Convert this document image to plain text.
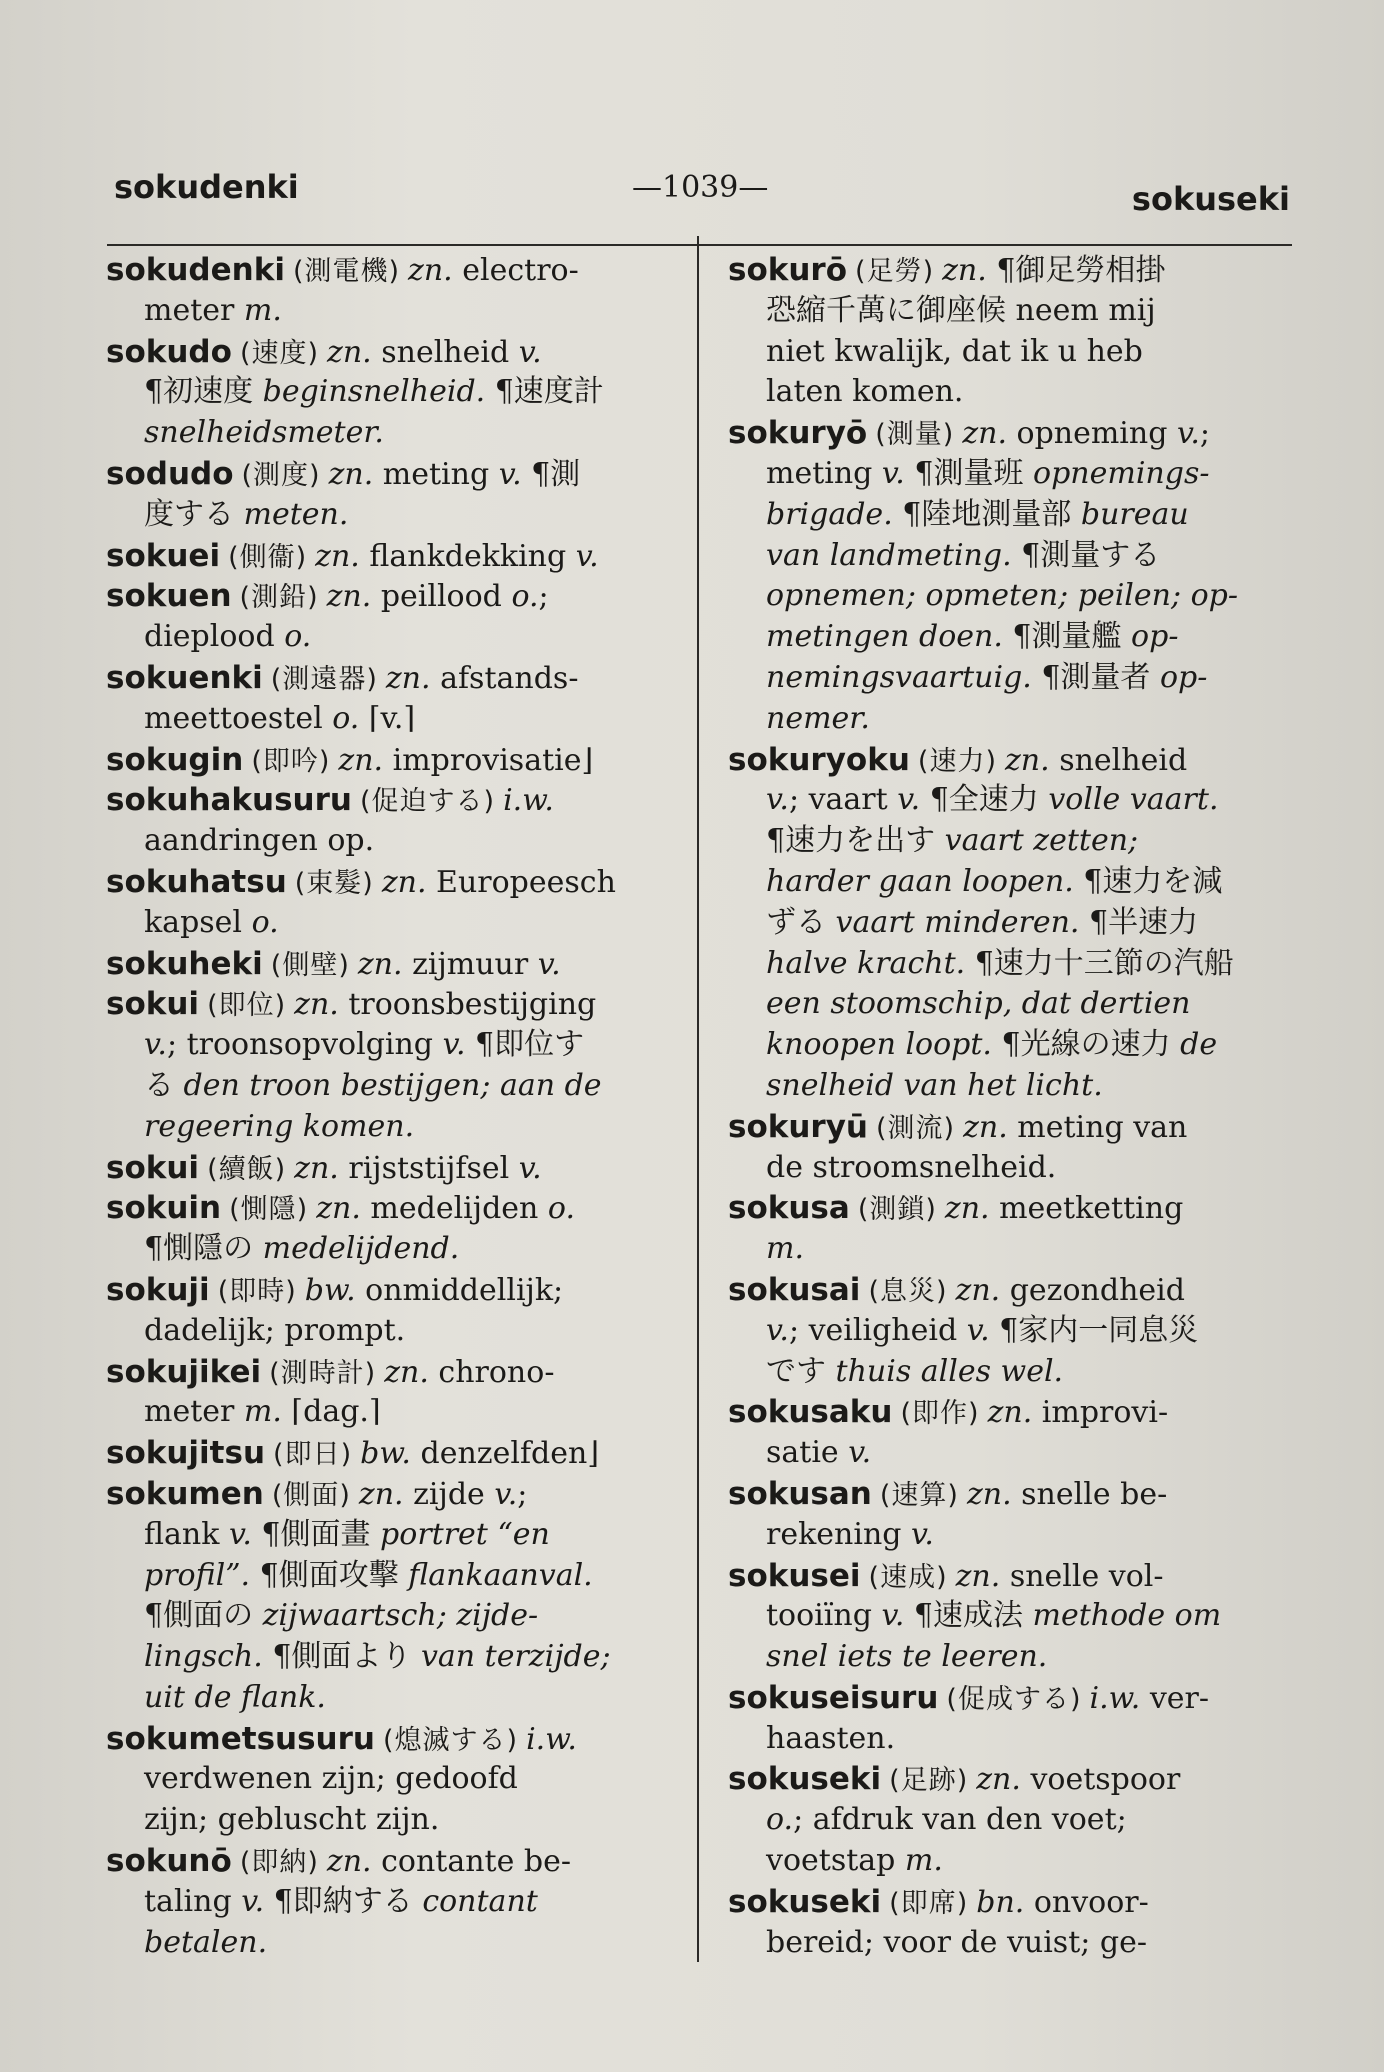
sokudenki	—1039—	sokuseki
sokudenki (測電機) zn. electro-
meter m.
sokudo (速度) zn. snelheid v.
¶初速度 beginsnelheid. ¶速度計
snelheidsmeter.
sodudo (測度) zn. meting v. ¶測
度する meten.
sokuei (側衞) zn. flankdekking v.
sokuen (測鉛) zn. peillood o.;
dieplood o.
sokuenki (測遠器) zn. afstands-
meettoestel o. ⌈v.⌉
sokugin (即吟) zn. improvisatie⌋
sokuhakusuru (促迫する) i.w.
aandringen op.
sokuhatsu (束髮) zn. Europeesch
kapsel o.
sokuheki (側壁) zn. zijmuur v.
sokui (即位) zn. troonsbestijging
v.; troonsopvolging v. ¶即位す
る den troon bestijgen; aan de
regeering komen.
sokui (續飯) zn. rijststijfsel v.
sokuin (惻隱) zn. medelijden o.
¶惻隱の medelijdend.
sokuji (即時) bw. onmiddellijk;
dadelijk; prompt.
sokujikei (測時計) zn. chrono-
meter m. ⌈dag.⌉
sokujitsu (即日) bw. denzelfden⌋
sokumen (側面) zn. zijde v.;
flank v. ¶側面畫 portret “en
profil”. ¶側面攻擊 flankaanval.
¶側面の zijwaartsch; zijde-
lingsch. ¶側面より van terzijde;
uit de flank.
sokumetsusuru (熄滅する) i.w.
verdwenen zijn; gedoofd
zijn; gebluscht zijn.
sokunō (即納) zn. contante be-
taling v. ¶即納する contant
betalen.
sokurō (足勞) zn. ¶御足勞相掛
恐縮千萬に御座候 neem mij
niet kwalijk, dat ik u heb
laten komen.
sokuryō (測量) zn. opneming v.;
meting v. ¶測量班 opnemings-
brigade. ¶陸地測量部 bureau
van landmeting. ¶測量する
opnemen; opmeten; peilen; op-
metingen doen. ¶測量艦 op-
nemingsvaartuig. ¶測量者 op-
nemer.
sokuryoku (速力) zn. snelheid
v.; vaart v. ¶全速力 volle vaart.
¶速力を出す vaart zetten;
harder gaan loopen. ¶速力を減
ずる vaart minderen. ¶半速力
halve kracht. ¶速力十三節の汽船
een stoomschip, dat dertien
knoopen loopt. ¶光線の速力 de
snelheid van het licht.
sokuryū (測流) zn. meting van
de stroomsnelheid.
sokusa (測鎖) zn. meetketting
m.
sokusai (息災) zn. gezondheid
v.; veiligheid v. ¶家内一同息災
です thuis alles wel.
sokusaku (即作) zn. improvi-
satie v.
sokusan (速算) zn. snelle be-
rekening v.
sokusei (速成) zn. snelle vol-
tooiïng v. ¶速成法 methode om
snel iets te leeren.
sokuseisuru (促成する) i.w. ver-
haasten.
sokuseki (足跡) zn. voetspoor
o.; afdruk van den voet;
voetstap m.
sokuseki (即席) bn. onvoor-
bereid; voor de vuist; ge-
